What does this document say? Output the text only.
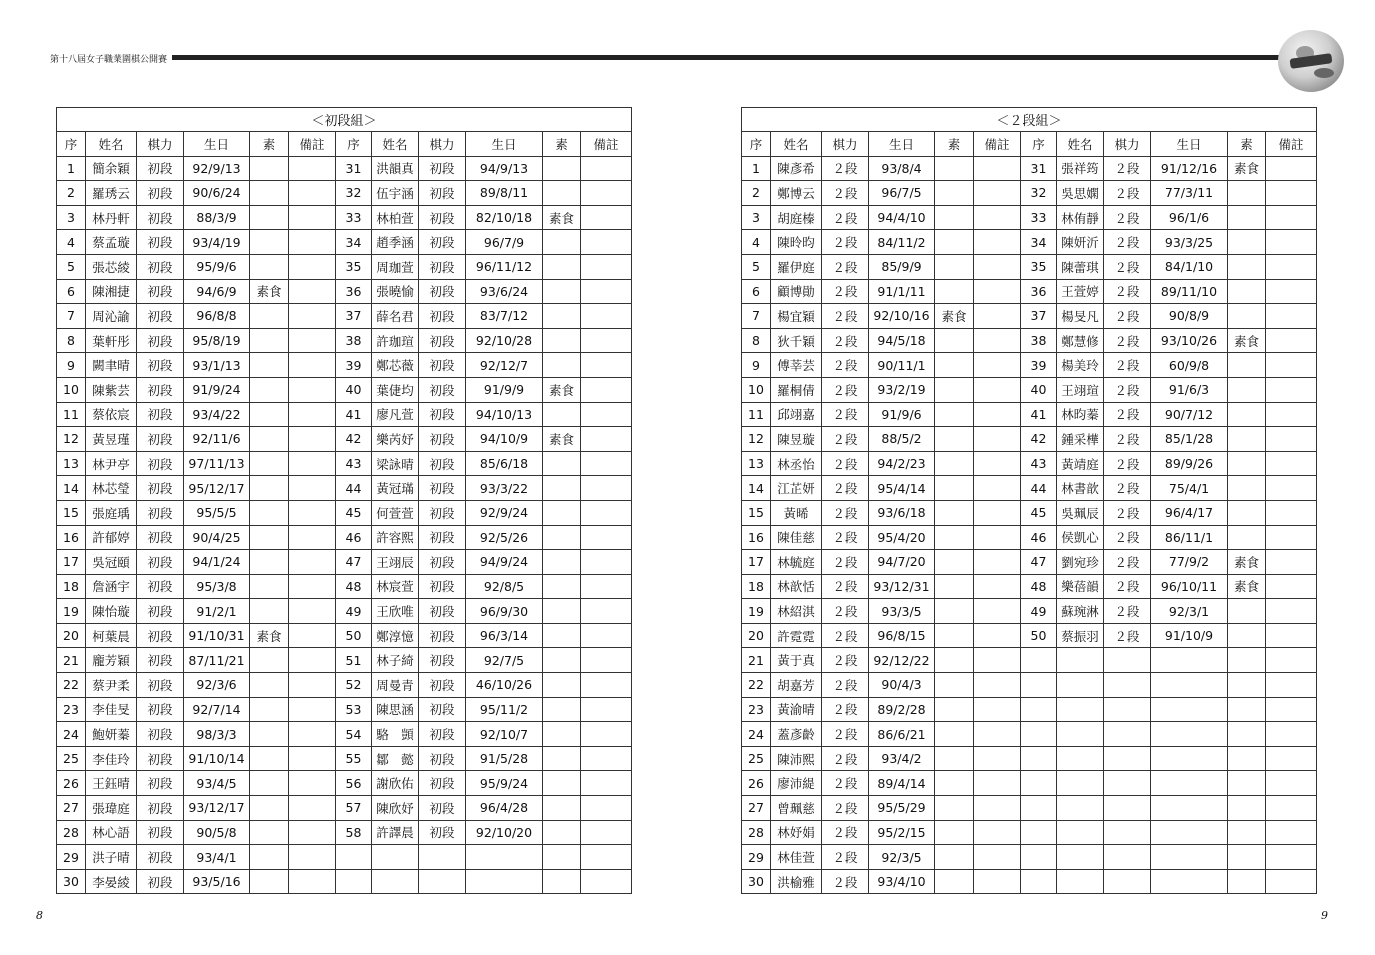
第十八屆女子職業圍棋公開賽
＜初段組＞											
序	姓名	棋力	生日	素	備註	序	姓名	棋力	生日	素	備註
1	簡余穎	初段	92/9/13			31	洪韻真	初段	94/9/13		
2	羅琇云	初段	90/6/24			32	伍宇涵	初段	89/8/11		
3	林丹軒	初段	88/3/9			33	林柏萱	初段	82/10/18	素食	
4	蔡孟璇	初段	93/4/19			34	趙季涵	初段	96/7/9		
5	張芯綾	初段	95/9/6			35	周珈萱	初段	96/11/12		
6	陳湘捷	初段	94/6/9	素食		36	張曉愉	初段	93/6/24		
7	周沁諭	初段	96/8/8			37	薛名君	初段	83/7/12		
8	葉軒彤	初段	95/8/19			38	許珈瑄	初段	92/10/28		
9	闕聿晴	初段	93/1/13			39	鄭芯薇	初段	92/12/7		
10	陳紫芸	初段	91/9/24			40	葉倢均	初段	91/9/9	素食	
11	蔡依宸	初段	93/4/22			41	廖凡萱	初段	94/10/13		
12	黃昱瑾	初段	92/11/6			42	樂芮妤	初段	94/10/9	素食	
13	林尹亭	初段	97/11/13			43	梁詠晴	初段	85/6/18		
14	林芯瑩	初段	95/12/17			44	黃冠璊	初段	93/3/22		
15	張庭瑀	初段	95/5/5			45	何萱萱	初段	92/9/24		
16	許郁婷	初段	90/4/25			46	許容熙	初段	92/5/26		
17	吳冠頤	初段	94/1/24			47	王翊辰	初段	94/9/24		
18	詹涵宇	初段	95/3/8			48	林宸萱	初段	92/8/5		
19	陳怡璇	初段	91/2/1			49	王欣唯	初段	96/9/30		
20	柯葉晨	初段	91/10/31	素食		50	鄭淳憶	初段	96/3/14		
21	龐芳穎	初段	87/11/21			51	林子綺	初段	92/7/5		
22	蔡尹柔	初段	92/3/6			52	周曼青	初段	46/10/26		
23	李佳旻	初段	92/7/14			53	陳思涵	初段	95/11/2		
24	鮑妍蓁	初段	98/3/3			54	駱　顗	初段	92/10/7		
25	李佳玲	初段	91/10/14			55	鄒　懿	初段	91/5/28		
26	王鈺晴	初段	93/4/5			56	謝欣佑	初段	95/9/24		
27	張瑋庭	初段	93/12/17			57	陳欣妤	初段	96/4/28		
28	林心語	初段	90/5/8			58	許譯晨	初段	92/10/20		
29	洪子晴	初段	93/4/1								
30	李晏綾	初段	93/5/16								
＜２段組＞											
序	姓名	棋力	生日	素	備註	序	姓名	棋力	生日	素	備註
1	陳彥希	２段	93/8/4			31	張祥筠	２段	91/12/16	素食	
2	鄭博云	２段	96/7/5			32	吳思嫻	２段	77/3/11		
3	胡庭榛	２段	94/4/10			33	林侑靜	２段	96/1/6		
4	陳昤昀	２段	84/11/2			34	陳妍沂	２段	93/3/25		
5	羅伊庭	２段	85/9/9			35	陳蕾琪	２段	84/1/10		
6	顧博勛	２段	91/1/11			36	王萱婷	２段	89/11/10		
7	楊宜穎	２段	92/10/16	素食		37	楊旻凡	２段	90/8/9		
8	狄千穎	２段	94/5/18			38	鄭慧修	２段	93/10/26	素食	
9	傅莘芸	２段	90/11/1			39	楊美玲	２段	60/9/8		
10	羅桐倩	２段	93/2/19			40	王翊瑄	２段	91/6/3		
11	邱翊嘉	２段	91/9/6			41	林昀蓁	２段	90/7/12		
12	陳昱璇	２段	88/5/2			42	鍾采樺	２段	85/1/28		
13	林丞怡	２段	94/2/23			43	黃靖庭	２段	89/9/26		
14	江芷妍	２段	95/4/14			44	林書歆	２段	75/4/1		
15	黃晞	２段	93/6/18			45	吳珮辰	２段	96/4/17		
16	陳佳慈	２段	95/4/20			46	侯凱心	２段	86/11/1		
17	林毓庭	２段	94/7/20			47	劉宛珍	２段	77/9/2	素食	
18	林歆恬	２段	93/12/31			48	樂蓓韻	２段	96/10/11	素食	
19	林紹淇	２段	93/3/5			49	蘇琬淋	２段	92/3/1		
20	許霓霓	２段	96/8/15			50	蔡振羽	２段	91/10/9		
21	黃于真	２段	92/12/22								
22	胡嘉芳	２段	90/4/3								
23	黃渝晴	２段	89/2/28								
24	蓋彥齡	２段	86/6/21								
25	陳沛熙	２段	93/4/2								
26	廖沛緹	２段	89/4/14								
27	曾珮慈	２段	95/5/29								
28	林妤娟	２段	95/2/15								
29	林佳萱	２段	92/3/5								
30	洪榆雅	２段	93/4/10								
8	9
